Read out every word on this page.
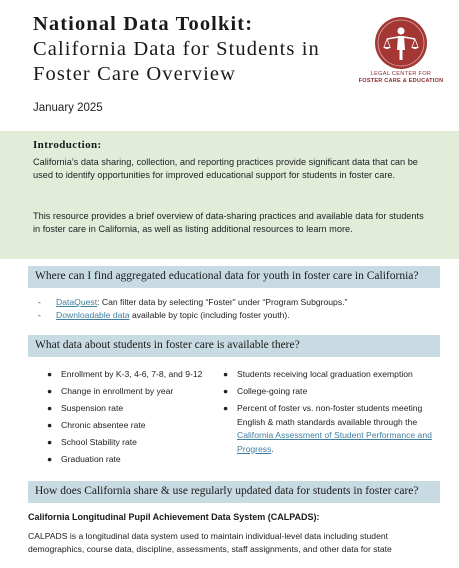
National Data Toolkit:
California Data for Students in
Foster Care Overview	LEGAL CENTER FOR
FOSTER CARE & EDUCATION
January 2025
Introduction:

California’s data sharing, collection, and reporting practices provide significant data that can be used to identify opportunities for improved educational support for students in foster care.

This resource provides a brief overview of data-sharing practices and available data for students in foster care in California, as well as listing additional resources to learn more.

Where can I find aggregated educational data for youth in foster care in California?
- DataQuest: Can filter data by selecting “Foster” under “Program Subgroups.”
- Downloadable data available by topic (including foster youth).
What data about students in foster care is available there?
● Enrollment by K-3, 4-6, 7-8, and 9-12
● Change in enrollment by year
● Suspension rate
● Chronic absentee rate
● School Stability rate
● Graduation rate
● Students receiving local graduation exemption
● College-going rate
● Percent of foster vs. non-foster students meeting English & math standards available through the California Assessment of Student Performance and Progress.
How does California share & use regularly updated data for students in foster care?
California Longitudinal Pupil Achievement Data System (CALPADS):
CALPADS is a longitudinal data system used to maintain individual-level data including student demographics, course data, discipline, assessments, staff assignments, and other data for state
